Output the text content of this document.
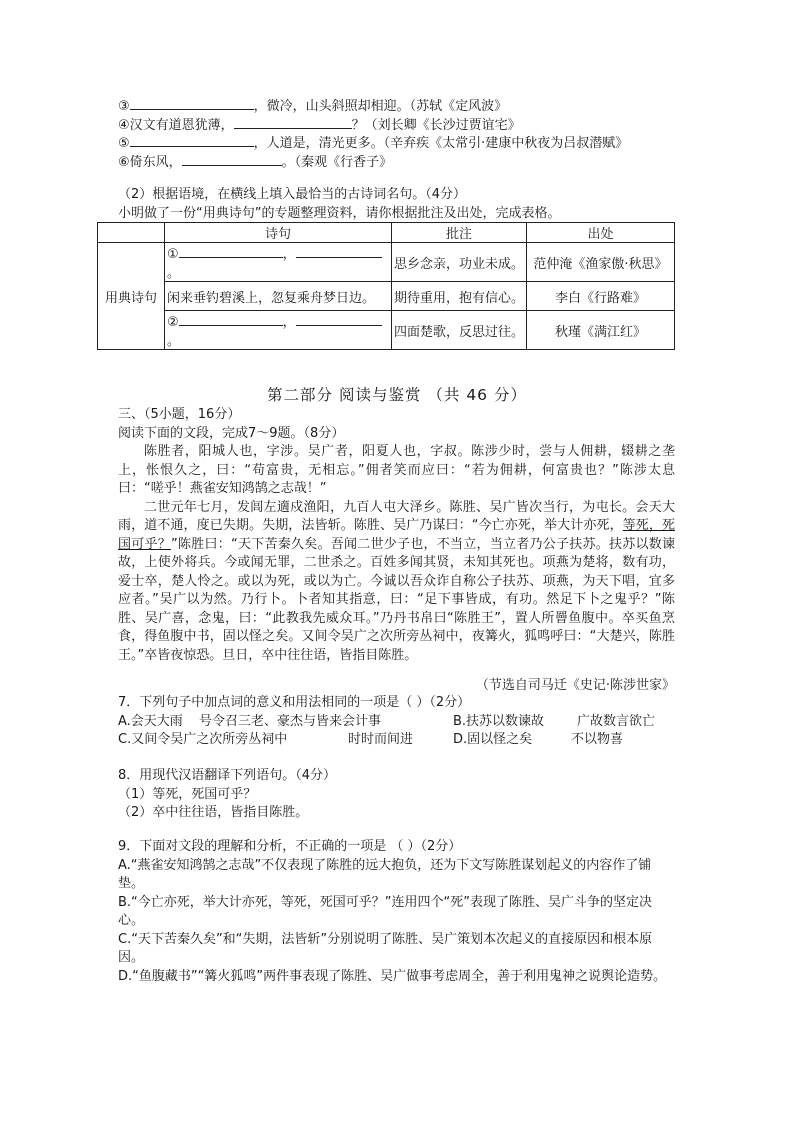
③	，微冷，山头斜照却相迎。（苏轼《定风波》
④汉文有道恩犹薄，	？（刘长卿《长沙过贾谊宅》
⑤	，人道是，清光更多。（辛弃疾《太常引·建康中秋夜为吕叔潜赋》
⑥倚东风，	。（秦观《行香子》
（2）根据语境，在横线上填入最恰当的古诗词名句。（4分）
小明做了一份“用典诗句”的专题整理资料，请你根据批注及出处，完成表格。
	诗句	批注	出处
用典诗句	① ，。	思乡念亲，功业未成。	范仲淹《渔家傲·秋思》
	闲来垂钓碧溪上，忽复乘舟梦日边。	期待重用，抱有信心。	李白《行路难》
	② ，。	四面楚歌，反思过往。	秋瑾《满江红》
第二部分 阅读与鉴赏 （共 46 分）
三、（5小题，16分）
阅读下面的文段，完成7～9题。（8分）
陈胜者，阳城人也，字涉。吴广者，阳夏人也，字叔。陈涉少时，尝与人佣耕，辍耕之垄上，怅恨久之，曰：“苟富贵，无相忘。”佣者笑而应曰：“若为佣耕，何富贵也？”陈涉太息曰：“嗟乎！燕雀安知鸿鹄之志哉！”
二世元年七月，发闾左適戍渔阳，九百人屯大泽乡。陈胜、吴广皆次当行，为屯长。会天大雨，道不通，度已失期。失期，法皆斩。陈胜、吴广乃谋曰：“今亡亦死，举大计亦死，等死，死国可乎？”陈胜曰：“天下苦秦久矣。吾闻二世少子也，不当立，当立者乃公子扶苏。扶苏以数谏故，上使外将兵。今或闻无罪，二世杀之。百姓多闻其贤，未知其死也。项燕为楚将，数有功，爱士卒，楚人怜之。或以为死，或以为亡。今诚以吾众诈自称公子扶苏、项燕，为天下唱，宜多应者。”吴广以为然。乃行卜。卜者知其指意，曰：“足下事皆成，有功。然足下卜之鬼乎？”陈胜、吴广喜，念鬼，曰：“此教我先威众耳。”乃丹书帛曰“陈胜王”，置人所罾鱼腹中。卒买鱼烹食，得鱼腹中书，固以怪之矣。又间令吴广之次所旁丛祠中，夜篝火，狐鸣呼曰：“大楚兴，陈胜王。”卒皆夜惊恐。旦日，卒中往往语，皆指目陈胜。
（节选自司马迁《史记·陈涉世家》
7．下列句子中加点词的意义和用法相同的一项是（ ）（2分）
A.会天大雨	号令召三老、豪杰与皆来会计事	B.扶苏以数谏故	广故数言欲亡
C.又间令吴广之次所旁丛祠中	时时而间进	D.固以怪之矣	不以物喜
8．用现代汉语翻译下列语句。（4分）
（1）等死，死国可乎？
（2）卒中往往语，皆指目陈胜。
9．下面对文段的理解和分析，不正确的一项是 （ ）（2分）
A.“燕雀安知鸿鹄之志哉”不仅表现了陈胜的远大抱负，还为下文写陈胜谋划起义的内容作了铺垫。
B.“今亡亦死，举大计亦死，等死，死国可乎？”连用四个“死”表现了陈胜、吴广斗争的坚定决心。
C.“天下苦秦久矣”和“失期，法皆斩”分别说明了陈胜、吴广策划本次起义的直接原因和根本原因。
D.“鱼腹藏书”“篝火狐鸣”两件事表现了陈胜、吴广做事考虑周全，善于利用鬼神之说舆论造势。
